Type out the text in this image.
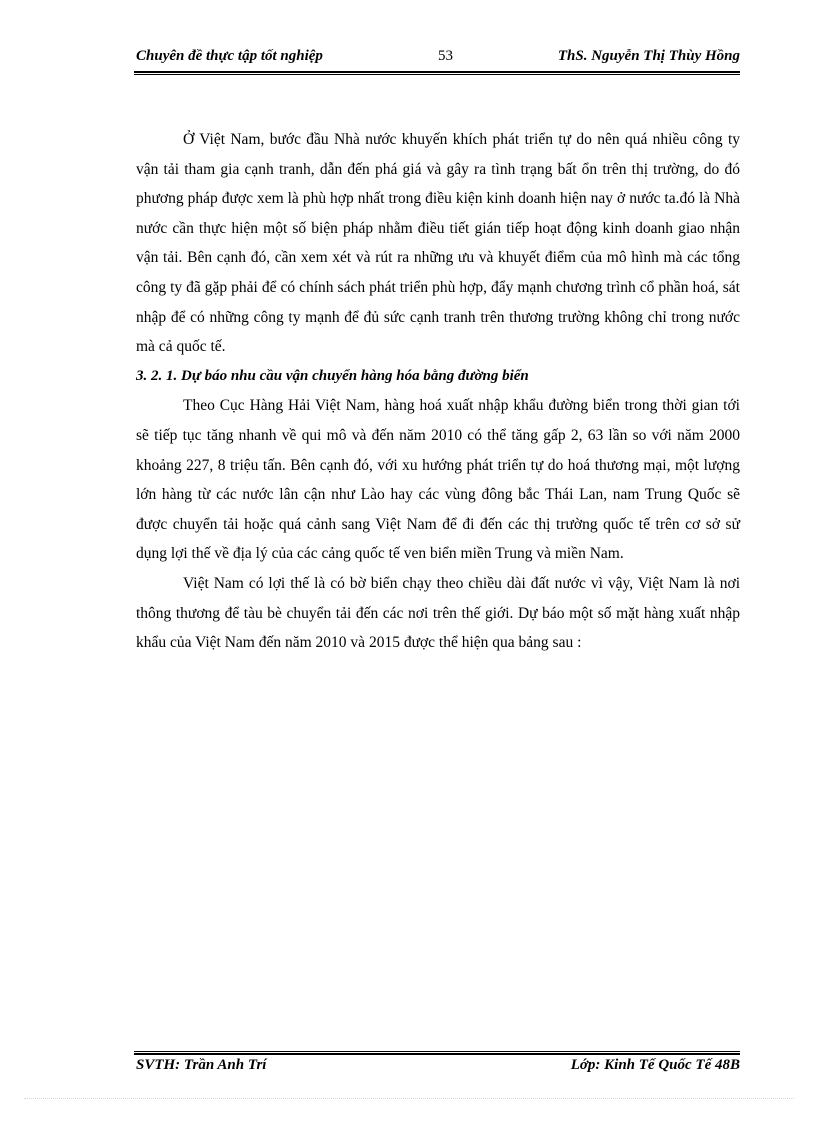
Chuyên đề thực tập tốt nghiệp	53	ThS. Nguyễn Thị Thùy Hồng

Ở Việt Nam, bước đầu Nhà nước khuyến khích phát triển tự do nên quá nhiều công ty vận tải tham gia cạnh tranh, dẫn đến phá giá và gây ra tình trạng bất ổn trên thị trường, do đó phương pháp được xem là phù hợp nhất trong điều kiện kinh doanh hiện nay ở nước ta.đó là Nhà nước cần thực hiện một số biện pháp nhằm điều tiết gián tiếp hoạt động kinh doanh giao nhận vận tải. Bên cạnh đó, cần xem xét và rút ra những ưu và khuyết điểm của mô hình mà các tổng công ty đã gặp phải để có chính sách phát triển phù hợp, đẩy mạnh chương trình cổ phần hoá, sát nhập để có những công ty mạnh để đủ sức cạnh tranh trên thương trường không chỉ trong nước mà cả quốc tế.

3. 2. 1. Dự báo nhu cầu vận chuyển hàng hóa bằng đường biển

Theo Cục Hàng Hải Việt Nam, hàng hoá xuất nhập khẩu đường biển trong thời gian tới sẽ tiếp tục tăng nhanh về qui mô và đến năm 2010 có thể tăng gấp 2, 63 lần so với năm 2000 khoảng 227, 8 triệu tấn. Bên cạnh đó, với xu hướng phát triển tự do hoá thương mại, một lượng lớn hàng từ các nước lân cận như Lào hay các vùng đông bắc Thái Lan, nam Trung Quốc sẽ được chuyển tải hoặc quá cảnh sang Việt Nam để đi đến các thị trường quốc tế trên cơ sở sử dụng lợi thế về địa lý của các cảng quốc tế ven biển miền Trung và miền Nam.

Việt Nam có lợi thế là có bờ biển chạy theo chiều dài đất nước vì vậy, Việt Nam là nơi thông thương để tàu bè chuyển tải đến các nơi trên thế giới. Dự báo một số mặt hàng xuất nhập khẩu của Việt Nam đến năm 2010 và 2015 được thể hiện qua bảng sau :

SVTH: Trần Anh Trí	Lớp: Kinh Tế Quốc Tế 48B
